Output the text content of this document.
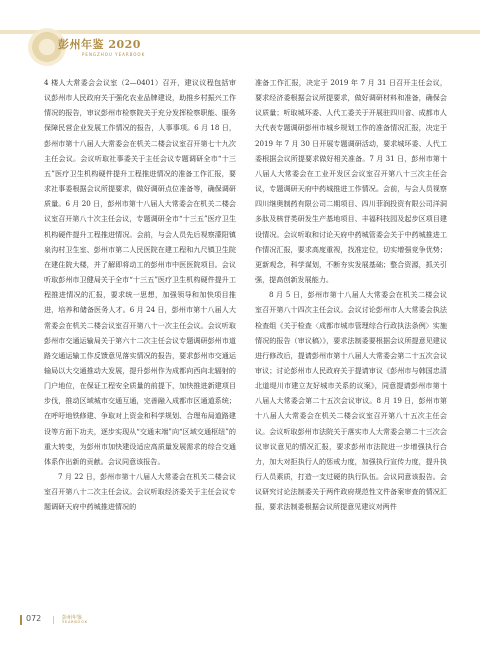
彭州年鉴 2020
PENGZHOU YEARBOOK

4 楼人大常委会会议室（2—0401）召开，建议议程包括审议彭州市人民政府关于强化农业品牌建设，助推乡村振兴工作情况的报告，审议彭州市检察院关于充分发挥检察职能、服务保障民营企业发展工作情况的报告，人事事项。6 月 18 日，彭州市第十八届人大常委会在机关二楼会议室召开第七十九次主任会议。会议听取社事委关于主任会议专题调研全市“十三五”医疗卫生机构硬件提升工程推进情况的准备工作汇报，要求社事委根据会议所提要求，做好调研点位准备等，确保调研质量。6 月 20 日，彭州市第十八届人大常委会在机关二楼会议室召开第八十次主任会议，专题调研全市“十三五”医疗卫生机构硬件提升工程推进情况。会前，与会人员先后视察濛阳镇泉沟村卫生室、彭州市第二人民医院在建工程和九尺镇卫生院在建住院大楼，并了解即将动工的彭州市中医医院项目。会议听取彭州市卫健局关于全市“十三五”医疗卫生机构硬件提升工程推进情况的汇报，要求统一思想，加强领导和加快项目推进，培养和储备医务人才。6 月 24 日，彭州市第十八届人大常委会在机关二楼会议室召开第八十一次主任会议。会议听取彭州市交通运输局关于第六十二次主任会议专题调研彭州市道路交通运输工作反馈意见落实情况的报告，要求彭州市交通运输局以大交通推动大发展，提升彭州作为成都向西向北辐射的门户地位，在保证工程安全质量的前提下，加快推进新建项目步伐，推动区域城市交通互通，完善融入成都市区通道系统；在呼吁地铁修建、争取对上资金和科学规划、合理布局道路建设等方面下功夫，逐步实现从“交通末端”向“区域交通枢纽”的重大转变，为彭州市加快建设适应高质量发展需求的综合交通体系作出新的贡献。会议同意该报告。

7 月 22 日，彭州市第十八届人大常委会在机关二楼会议室召开第八十二次主任会议。会议听取经济委关于主任会议专题调研天府中药城推进情况的

准备工作汇报，决定于 2019 年 7 月 31 日召开主任会议，要求经济委根据会议所提要求，做好调研材料和准备，确保会议质量；听取城环委、人代工委关于开展驻四川省、成都市人大代表专题调研彭州市城乡规划工作的准备情况汇报，决定于 2019 年 7 月 30 日开展专题调研活动，要求城环委、人代工委根据会议所提要求做好相关准备。7 月 31 日，彭州市第十八届人大常委会在工业开发区会议室召开第八十三次主任会议，专题调研天府中药城推进工作情况。会前，与会人员视察四川继奥制药有限公司二期项目、四川菲润投资有限公司洋洞多肽及核苷类研发生产基地项目、丰福科技园及起步区项目建设情况。会议听取和讨论天府中药城管委会关于中药城推进工作情况汇报，要求高度重视，找准定位，切实增强竞争优势；更新观念，科学谋划，不断夯实发展基础；整合资源，抓关引强，提高创新发展能力。

8 月 5 日，彭州市第十八届人大常委会在机关二楼会议室召开第八十四次主任会议。会议讨论彭州市人大常委会执法检查组《关于检查〈成都市城市管理综合行政执法条例〉实施情况的报告（审议稿）》，要求法制委要根据会议所提意见建议进行修改后，提请彭州市第十八届人大常委会第二十五次会议审议；讨论彭州市人民政府关于提请审议《彭州市与韩国忠清北道堤川市建立友好城市关系的议案》，同意提请彭州市第十八届人大常委会第二十五次会议审议。8 月 19 日，彭州市第十八届人大常委会在机关二楼会议室召开第八十五次主任会议。会议听取彭州市法院关于落实市人大常委会第二十三次会议审议意见的情况汇报，要求彭州市法院进一步增强执行合力，加大对拒执行人的惩戒力度，加强执行宣传力度，提升执行人员素质，打造一支过硬的执行队伍。会议同意该报告。会议研究讨论法制委关于两件政府规范性文件备案审查的情况汇报，要求法制委根据会议所提意见建议对两件

072 | 彭州年鉴
YEARBOOK
